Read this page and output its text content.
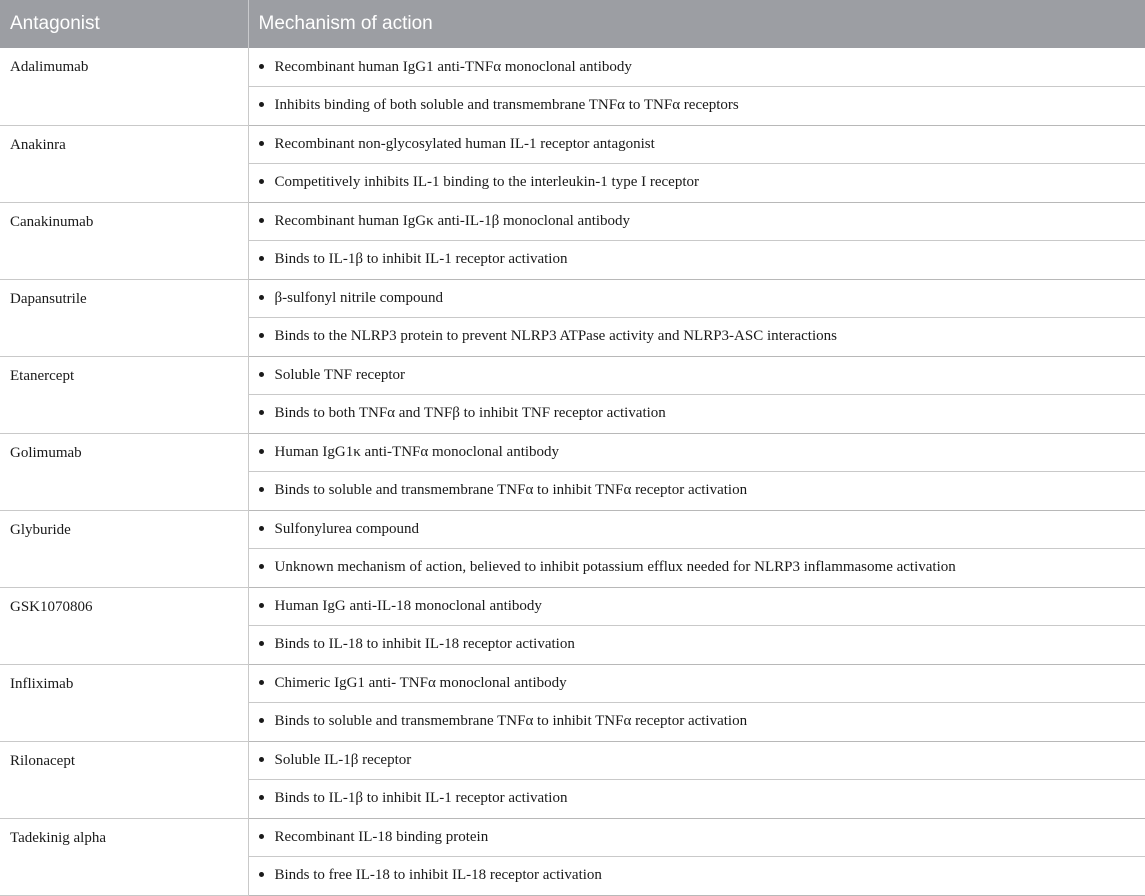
Antagonist	Mechanism of action
Adalimumab	Recombinant human IgG1 anti-TNFα monoclonal antibody
	Inhibits binding of both soluble and transmembrane TNFα to TNFα receptors
Anakinra	Recombinant non-glycosylated human IL-1 receptor antagonist
	Competitively inhibits IL-1 binding to the interleukin-1 type I receptor
Canakinumab	Recombinant human IgGκ anti-IL-1β monoclonal antibody
	Binds to IL-1β to inhibit IL-1 receptor activation
Dapansutrile	β-sulfonyl nitrile compound
	Binds to the NLRP3 protein to prevent NLRP3 ATPase activity and NLRP3-ASC interactions
Etanercept	Soluble TNF receptor
	Binds to both TNFα and TNFβ to inhibit TNF receptor activation
Golimumab	Human IgG1κ anti-TNFα monoclonal antibody
	Binds to soluble and transmembrane TNFα to inhibit TNFα receptor activation
Glyburide	Sulfonylurea compound
	Unknown mechanism of action, believed to inhibit potassium efflux needed for NLRP3 inflammasome activation
GSK1070806	Human IgG anti-IL-18 monoclonal antibody
	Binds to IL-18 to inhibit IL-18 receptor activation
Infliximab	Chimeric IgG1 anti- TNFα monoclonal antibody
	Binds to soluble and transmembrane TNFα to inhibit TNFα receptor activation
Rilonacept	Soluble IL-1β receptor
	Binds to IL-1β to inhibit IL-1 receptor activation
Tadekinig alpha	Recombinant IL-18 binding protein
	Binds to free IL-18 to inhibit IL-18 receptor activation
